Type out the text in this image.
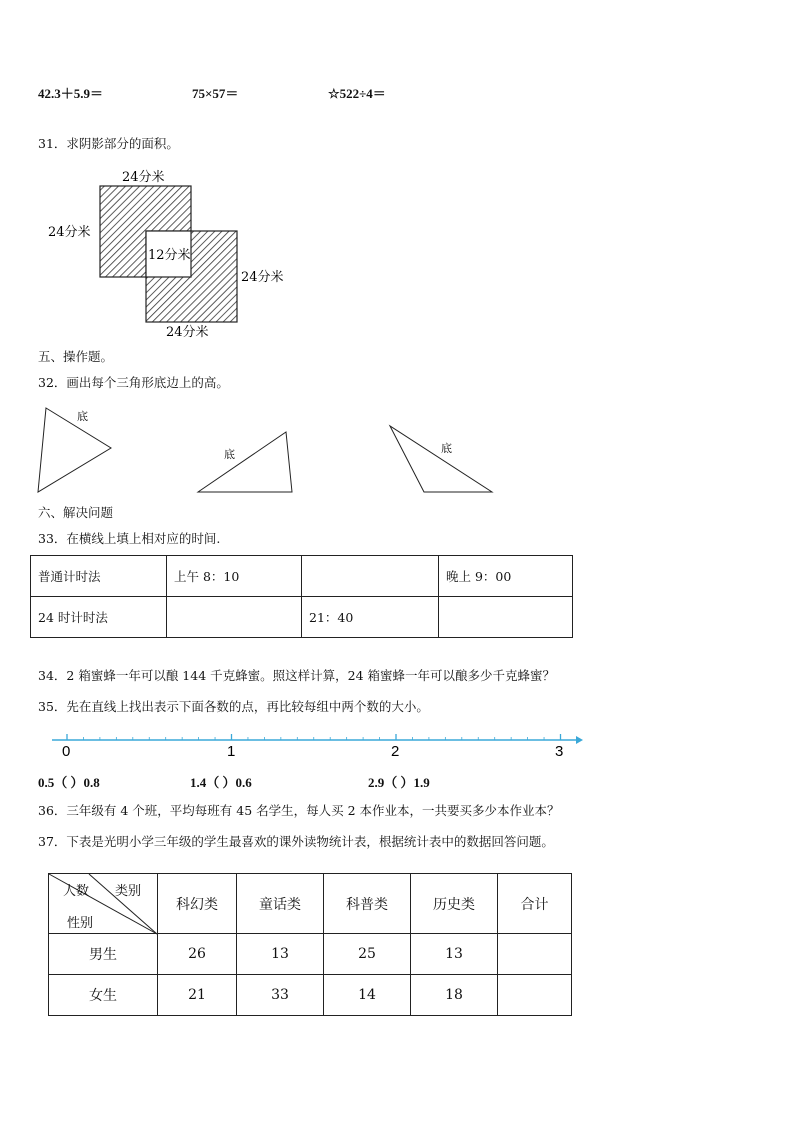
42.3＋5.9＝	75×57＝	☆522÷4＝
31．求阴影部分的面积。
24分米
24分米
12分米
24分米
24分米
五、操作题。
32．画出每个三角形底边上的高。
底
底	底
六、解决问题
33．在横线上填上相对应的时间.
普通计时法	上午 8：10		晚上 9：00
24 时计时法		21：40	
34．2 箱蜜蜂一年可以酿 144 千克蜂蜜。照这样计算，24 箱蜜蜂一年可以酿多少千克蜂蜜？
35．先在直线上找出表示下面各数的点，再比较每组中两个数的大小。
0	1	2	3
0.5（ ）0.8	1.4（ ）0.6	2.9（ ）1.9
36．三年级有 4 个班，平均每班有 45 名学生，每人买 2 本作业本，一共要买多少本作业本？
37．下表是光明小学三年级的学生最喜欢的课外读物统计表，根据统计表中的数据回答问题。
人数 类别
性别	科幻类	童话类	科普类	历史类	合计
男生	26	13	25	13	
女生	21	33	14	18	
